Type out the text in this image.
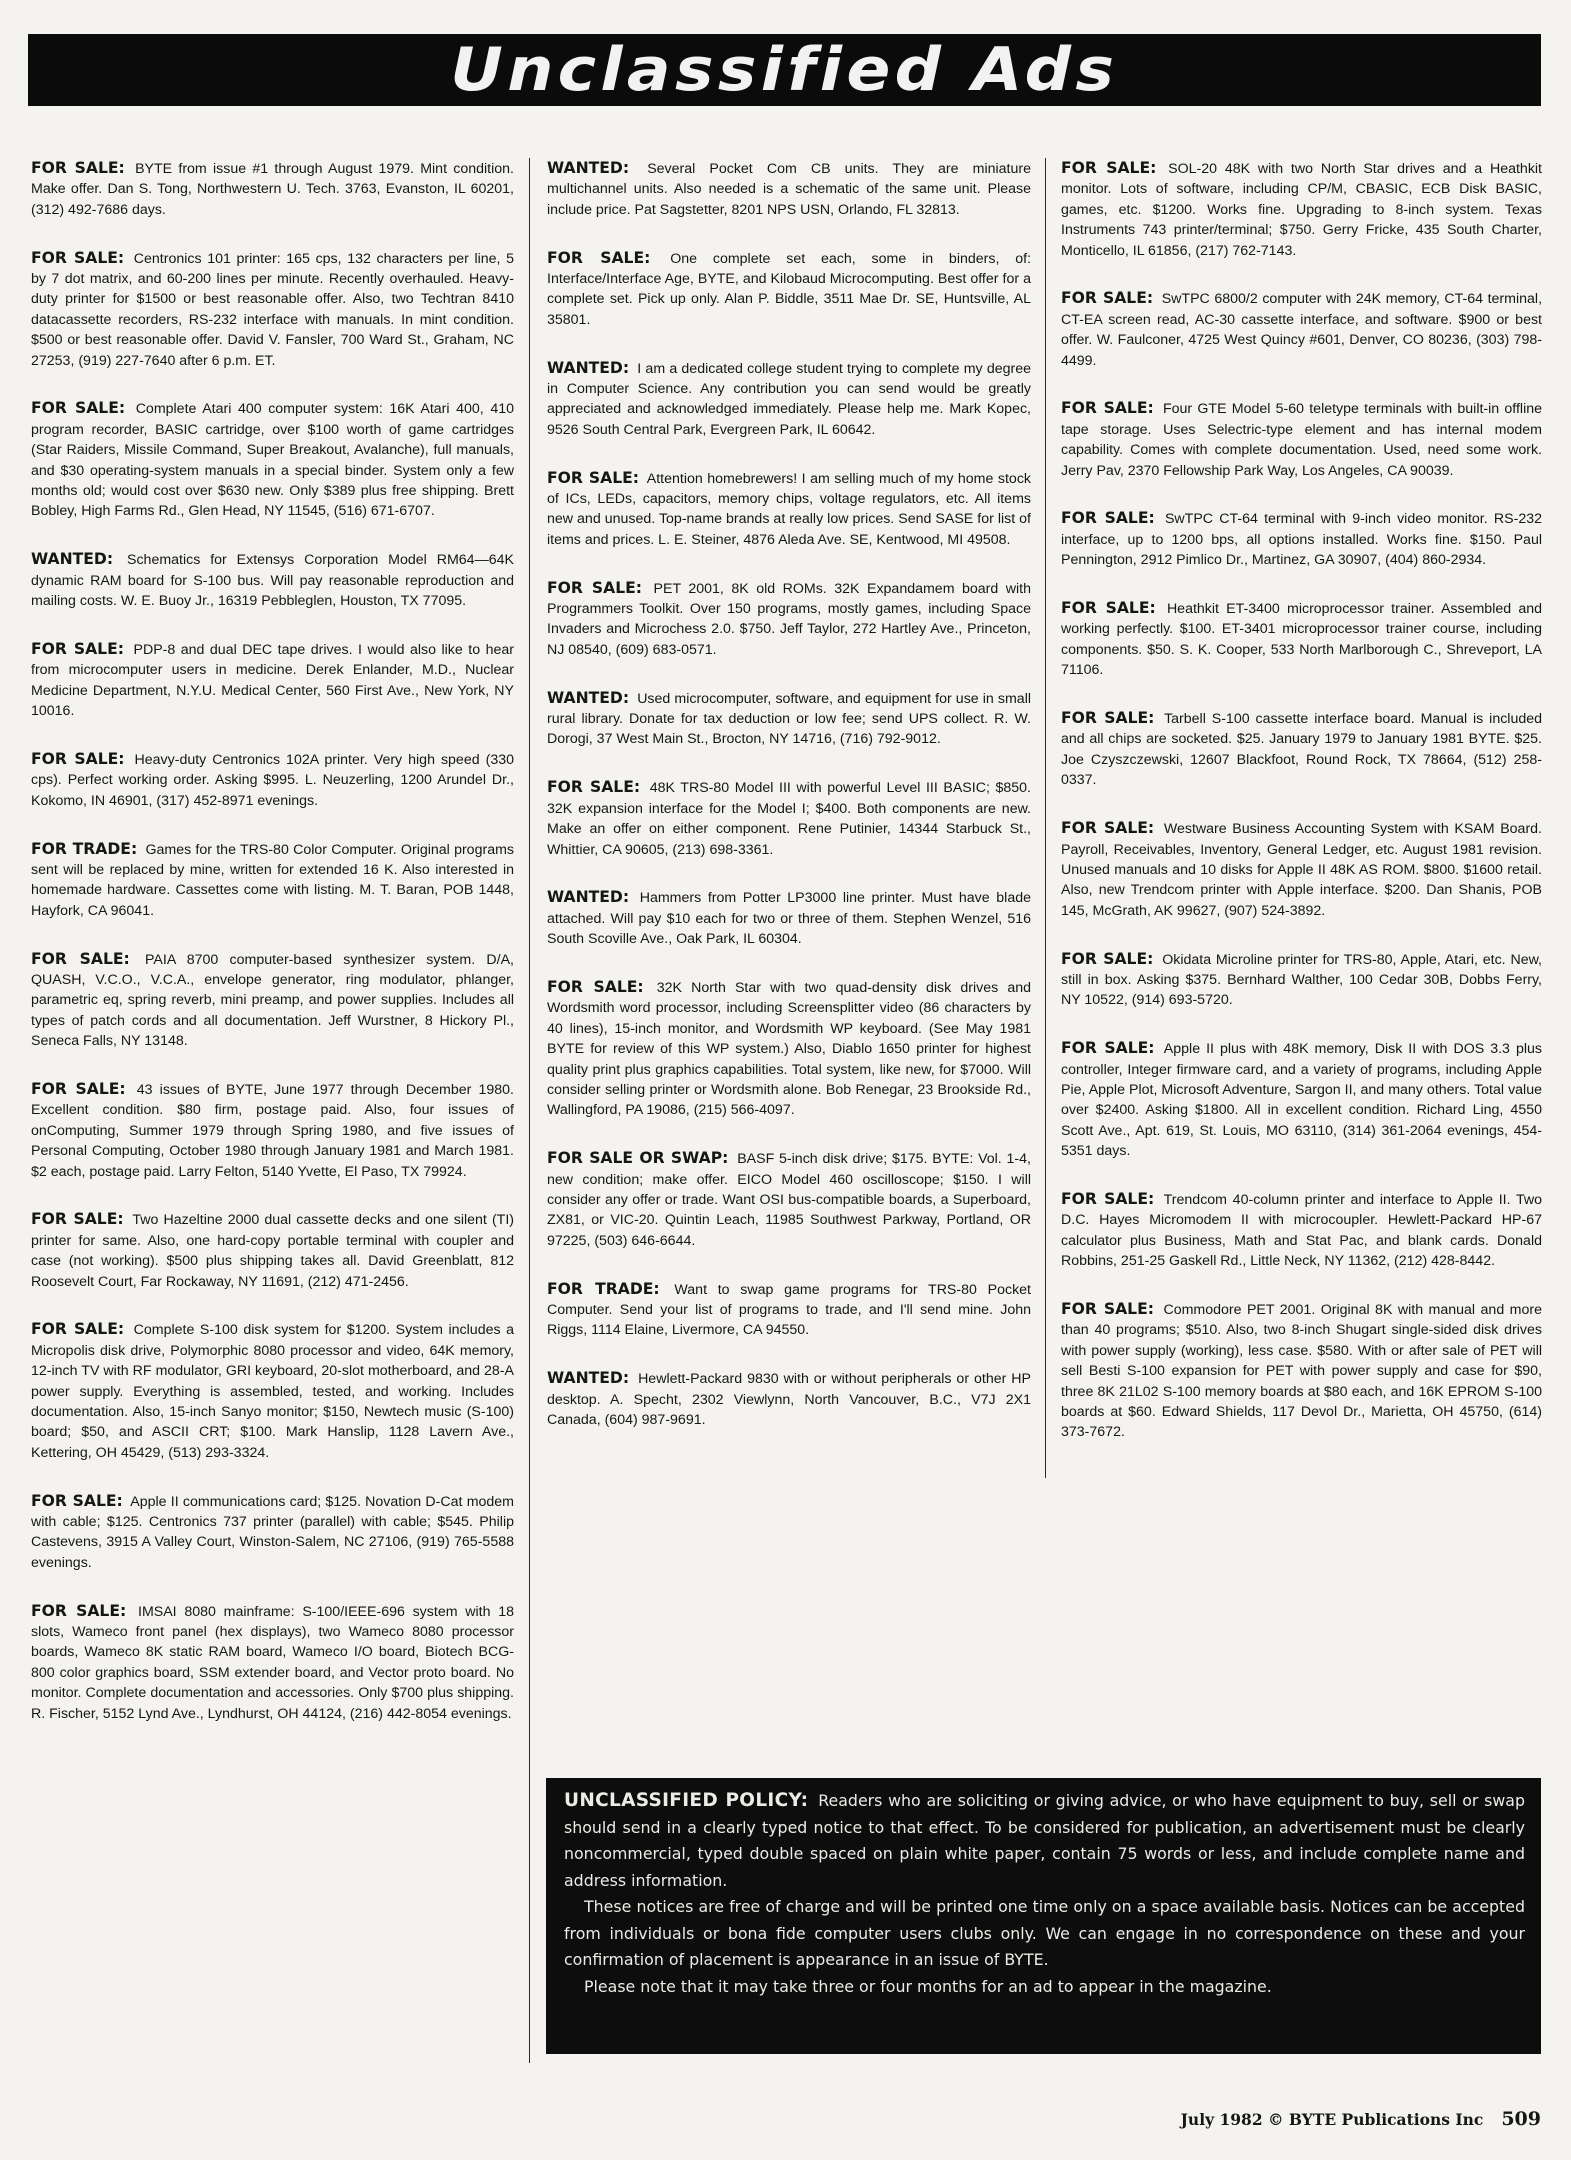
Unclassified Ads

FOR SALE: BYTE from issue #1 through August 1979. Mint condition. Make offer. Dan S. Tong, Northwestern U. Tech. 3763, Evanston, IL 60201, (312) 492-7686 days.

FOR SALE: Centronics 101 printer: 165 cps, 132 characters per line, 5 by 7 dot matrix, and 60-200 lines per minute. Recently overhauled. Heavy-duty printer for $1500 or best reasonable offer. Also, two Techtran 8410 datacassette recorders, RS-232 interface with manuals. In mint condition. $500 or best reasonable offer. David V. Fansler, 700 Ward St., Graham, NC 27253, (919) 227-7640 after 6 p.m. ET.

FOR SALE: Complete Atari 400 computer system: 16K Atari 400, 410 program recorder, BASIC cartridge, over $100 worth of game cartridges (Star Raiders, Missile Command, Super Breakout, Avalanche), full manuals, and $30 operating-system manuals in a special binder. System only a few months old; would cost over $630 new. Only $389 plus free shipping. Brett Bobley, High Farms Rd., Glen Head, NY 11545, (516) 671-6707.

WANTED: Schematics for Extensys Corporation Model RM64—64K dynamic RAM board for S-100 bus. Will pay reasonable reproduction and mailing costs. W. E. Buoy Jr., 16319 Pebbleglen, Houston, TX 77095.

FOR SALE: PDP-8 and dual DEC tape drives. I would also like to hear from microcomputer users in medicine. Derek Enlander, M.D., Nuclear Medicine Department, N.Y.U. Medical Center, 560 First Ave., New York, NY 10016.

FOR SALE: Heavy-duty Centronics 102A printer. Very high speed (330 cps). Perfect working order. Asking $995. L. Neuzerling, 1200 Arundel Dr., Kokomo, IN 46901, (317) 452-8971 evenings.

FOR TRADE: Games for the TRS-80 Color Computer. Original programs sent will be replaced by mine, written for extended 16 K. Also interested in homemade hardware. Cassettes come with listing. M. T. Baran, POB 1448, Hayfork, CA 96041.

FOR SALE: PAIA 8700 computer-based synthesizer system. D/A, QUASH, V.C.O., V.C.A., envelope generator, ring modulator, phlanger, parametric eq, spring reverb, mini preamp, and power supplies. Includes all types of patch cords and all documentation. Jeff Wurstner, 8 Hickory Pl., Seneca Falls, NY 13148.

FOR SALE: 43 issues of BYTE, June 1977 through December 1980. Excellent condition. $80 firm, postage paid. Also, four issues of onComputing, Summer 1979 through Spring 1980, and five issues of Personal Computing, October 1980 through January 1981 and March 1981. $2 each, postage paid. Larry Felton, 5140 Yvette, El Paso, TX 79924.

FOR SALE: Two Hazeltine 2000 dual cassette decks and one silent (TI) printer for same. Also, one hard-copy portable terminal with coupler and case (not working). $500 plus shipping takes all. David Greenblatt, 812 Roosevelt Court, Far Rockaway, NY 11691, (212) 471-2456.

FOR SALE: Complete S-100 disk system for $1200. System includes a Micropolis disk drive, Polymorphic 8080 processor and video, 64K memory, 12-inch TV with RF modulator, GRI keyboard, 20-slot motherboard, and 28-A power supply. Everything is assembled, tested, and working. Includes documentation. Also, 15-inch Sanyo monitor; $150, Newtech music (S-100) board; $50, and ASCII CRT; $100. Mark Hanslip, 1128 Lavern Ave., Kettering, OH 45429, (513) 293-3324.

FOR SALE: Apple II communications card; $125. Novation D-Cat modem with cable; $125. Centronics 737 printer (parallel) with cable; $545. Philip Castevens, 3915 A Valley Court, Winston-Salem, NC 27106, (919) 765-5588 evenings.

FOR SALE: IMSAI 8080 mainframe: S-100/IEEE-696 system with 18 slots, Wameco front panel (hex displays), two Wameco 8080 processor boards, Wameco 8K static RAM board, Wameco I/O board, Biotech BCG-800 color graphics board, SSM extender board, and Vector proto board. No monitor. Complete documentation and accessories. Only $700 plus shipping. R. Fischer, 5152 Lynd Ave., Lyndhurst, OH 44124, (216) 442-8054 evenings.

WANTED: Several Pocket Com CB units. They are miniature multichannel units. Also needed is a schematic of the same unit. Please include price. Pat Sagstetter, 8201 NPS USN, Orlando, FL 32813.

FOR SALE: One complete set each, some in binders, of: Interface/Interface Age, BYTE, and Kilobaud Microcomputing. Best offer for a complete set. Pick up only. Alan P. Biddle, 3511 Mae Dr. SE, Huntsville, AL 35801.

WANTED: I am a dedicated college student trying to complete my degree in Computer Science. Any contribution you can send would be greatly appreciated and acknowledged immediately. Please help me. Mark Kopec, 9526 South Central Park, Evergreen Park, IL 60642.

FOR SALE: Attention homebrewers! I am selling much of my home stock of ICs, LEDs, capacitors, memory chips, voltage regulators, etc. All items new and unused. Top-name brands at really low prices. Send SASE for list of items and prices. L. E. Steiner, 4876 Aleda Ave. SE, Kentwood, MI 49508.

FOR SALE: PET 2001, 8K old ROMs. 32K Expandamem board with Programmers Toolkit. Over 150 programs, mostly games, including Space Invaders and Microchess 2.0. $750. Jeff Taylor, 272 Hartley Ave., Princeton, NJ 08540, (609) 683-0571.

WANTED: Used microcomputer, software, and equipment for use in small rural library. Donate for tax deduction or low fee; send UPS collect. R. W. Dorogi, 37 West Main St., Brocton, NY 14716, (716) 792-9012.

FOR SALE: 48K TRS-80 Model III with powerful Level III BASIC; $850. 32K expansion interface for the Model I; $400. Both components are new. Make an offer on either component. Rene Putinier, 14344 Starbuck St., Whittier, CA 90605, (213) 698-3361.

WANTED: Hammers from Potter LP3000 line printer. Must have blade attached. Will pay $10 each for two or three of them. Stephen Wenzel, 516 South Scoville Ave., Oak Park, IL 60304.

FOR SALE: 32K North Star with two quad-density disk drives and Wordsmith word processor, including Screensplitter video (86 characters by 40 lines), 15-inch monitor, and Wordsmith WP keyboard. (See May 1981 BYTE for review of this WP system.) Also, Diablo 1650 printer for highest quality print plus graphics capabilities. Total system, like new, for $7000. Will consider selling printer or Wordsmith alone. Bob Renegar, 23 Brookside Rd., Wallingford, PA 19086, (215) 566-4097.

FOR SALE OR SWAP: BASF 5-inch disk drive; $175. BYTE: Vol. 1-4, new condition; make offer. EICO Model 460 oscilloscope; $150. I will consider any offer or trade. Want OSI bus-compatible boards, a Superboard, ZX81, or VIC-20. Quintin Leach, 11985 Southwest Parkway, Portland, OR 97225, (503) 646-6644.

FOR TRADE: Want to swap game programs for TRS-80 Pocket Computer. Send your list of programs to trade, and I'll send mine. John Riggs, 1114 Elaine, Livermore, CA 94550.

WANTED: Hewlett-Packard 9830 with or without peripherals or other HP desktop. A. Specht, 2302 Viewlynn, North Vancouver, B.C., V7J 2X1 Canada, (604) 987-9691.

FOR SALE: SOL-20 48K with two North Star drives and a Heathkit monitor. Lots of software, including CP/M, CBASIC, ECB Disk BASIC, games, etc. $1200. Works fine. Upgrading to 8-inch system. Texas Instruments 743 printer/terminal; $750. Gerry Fricke, 435 South Charter, Monticello, IL 61856, (217) 762-7143.

FOR SALE: SwTPC 6800/2 computer with 24K memory, CT-64 terminal, CT-EA screen read, AC-30 cassette interface, and software. $900 or best offer. W. Faulconer, 4725 West Quincy #601, Denver, CO 80236, (303) 798-4499.

FOR SALE: Four GTE Model 5-60 teletype terminals with built-in offline tape storage. Uses Selectric-type element and has internal modem capability. Comes with complete documentation. Used, need some work. Jerry Pav, 2370 Fellowship Park Way, Los Angeles, CA 90039.

FOR SALE: SwTPC CT-64 terminal with 9-inch video monitor. RS-232 interface, up to 1200 bps, all options installed. Works fine. $150. Paul Pennington, 2912 Pimlico Dr., Martinez, GA 30907, (404) 860-2934.

FOR SALE: Heathkit ET-3400 microprocessor trainer. Assembled and working perfectly. $100. ET-3401 microprocessor trainer course, including components. $50. S. K. Cooper, 533 North Marlborough C., Shreveport, LA 71106.

FOR SALE: Tarbell S-100 cassette interface board. Manual is included and all chips are socketed. $25. January 1979 to January 1981 BYTE. $25. Joe Czyszczewski, 12607 Blackfoot, Round Rock, TX 78664, (512) 258-0337.

FOR SALE: Westware Business Accounting System with KSAM Board. Payroll, Receivables, Inventory, General Ledger, etc. August 1981 revision. Unused manuals and 10 disks for Apple II 48K AS ROM. $800. $1600 retail. Also, new Trendcom printer with Apple interface. $200. Dan Shanis, POB 145, McGrath, AK 99627, (907) 524-3892.

FOR SALE: Okidata Microline printer for TRS-80, Apple, Atari, etc. New, still in box. Asking $375. Bernhard Walther, 100 Cedar 30B, Dobbs Ferry, NY 10522, (914) 693-5720.

FOR SALE: Apple II plus with 48K memory, Disk II with DOS 3.3 plus controller, Integer firmware card, and a variety of programs, including Apple Pie, Apple Plot, Microsoft Adventure, Sargon II, and many others. Total value over $2400. Asking $1800. All in excellent condition. Richard Ling, 4550 Scott Ave., Apt. 619, St. Louis, MO 63110, (314) 361-2064 evenings, 454-5351 days.

FOR SALE: Trendcom 40-column printer and interface to Apple II. Two D.C. Hayes Micromodem II with microcoupler. Hewlett-Packard HP-67 calculator plus Business, Math and Stat Pac, and blank cards. Donald Robbins, 251-25 Gaskell Rd., Little Neck, NY 11362, (212) 428-8442.

FOR SALE: Commodore PET 2001. Original 8K with manual and more than 40 programs; $510. Also, two 8-inch Shugart single-sided disk drives with power supply (working), less case. $580. With or after sale of PET will sell Besti S-100 expansion for PET with power supply and case for $90, three 8K 21L02 S-100 memory boards at $80 each, and 16K EPROM S-100 boards at $60. Edward Shields, 117 Devol Dr., Marietta, OH 45750, (614) 373-7672.

UNCLASSIFIED POLICY: Readers who are soliciting or giving advice, or who have equipment to buy, sell or swap should send in a clearly typed notice to that effect. To be considered for publication, an advertisement must be clearly noncommercial, typed double spaced on plain white paper, contain 75 words or less, and include complete name and address information.

These notices are free of charge and will be printed one time only on a space available basis. Notices can be accepted from individuals or bona fide computer users clubs only. We can engage in no correspondence on these and your confirmation of placement is appearance in an issue of BYTE.

Please note that it may take three or four months for an ad to appear in the magazine.

July 1982 © BYTE Publications Inc 509
